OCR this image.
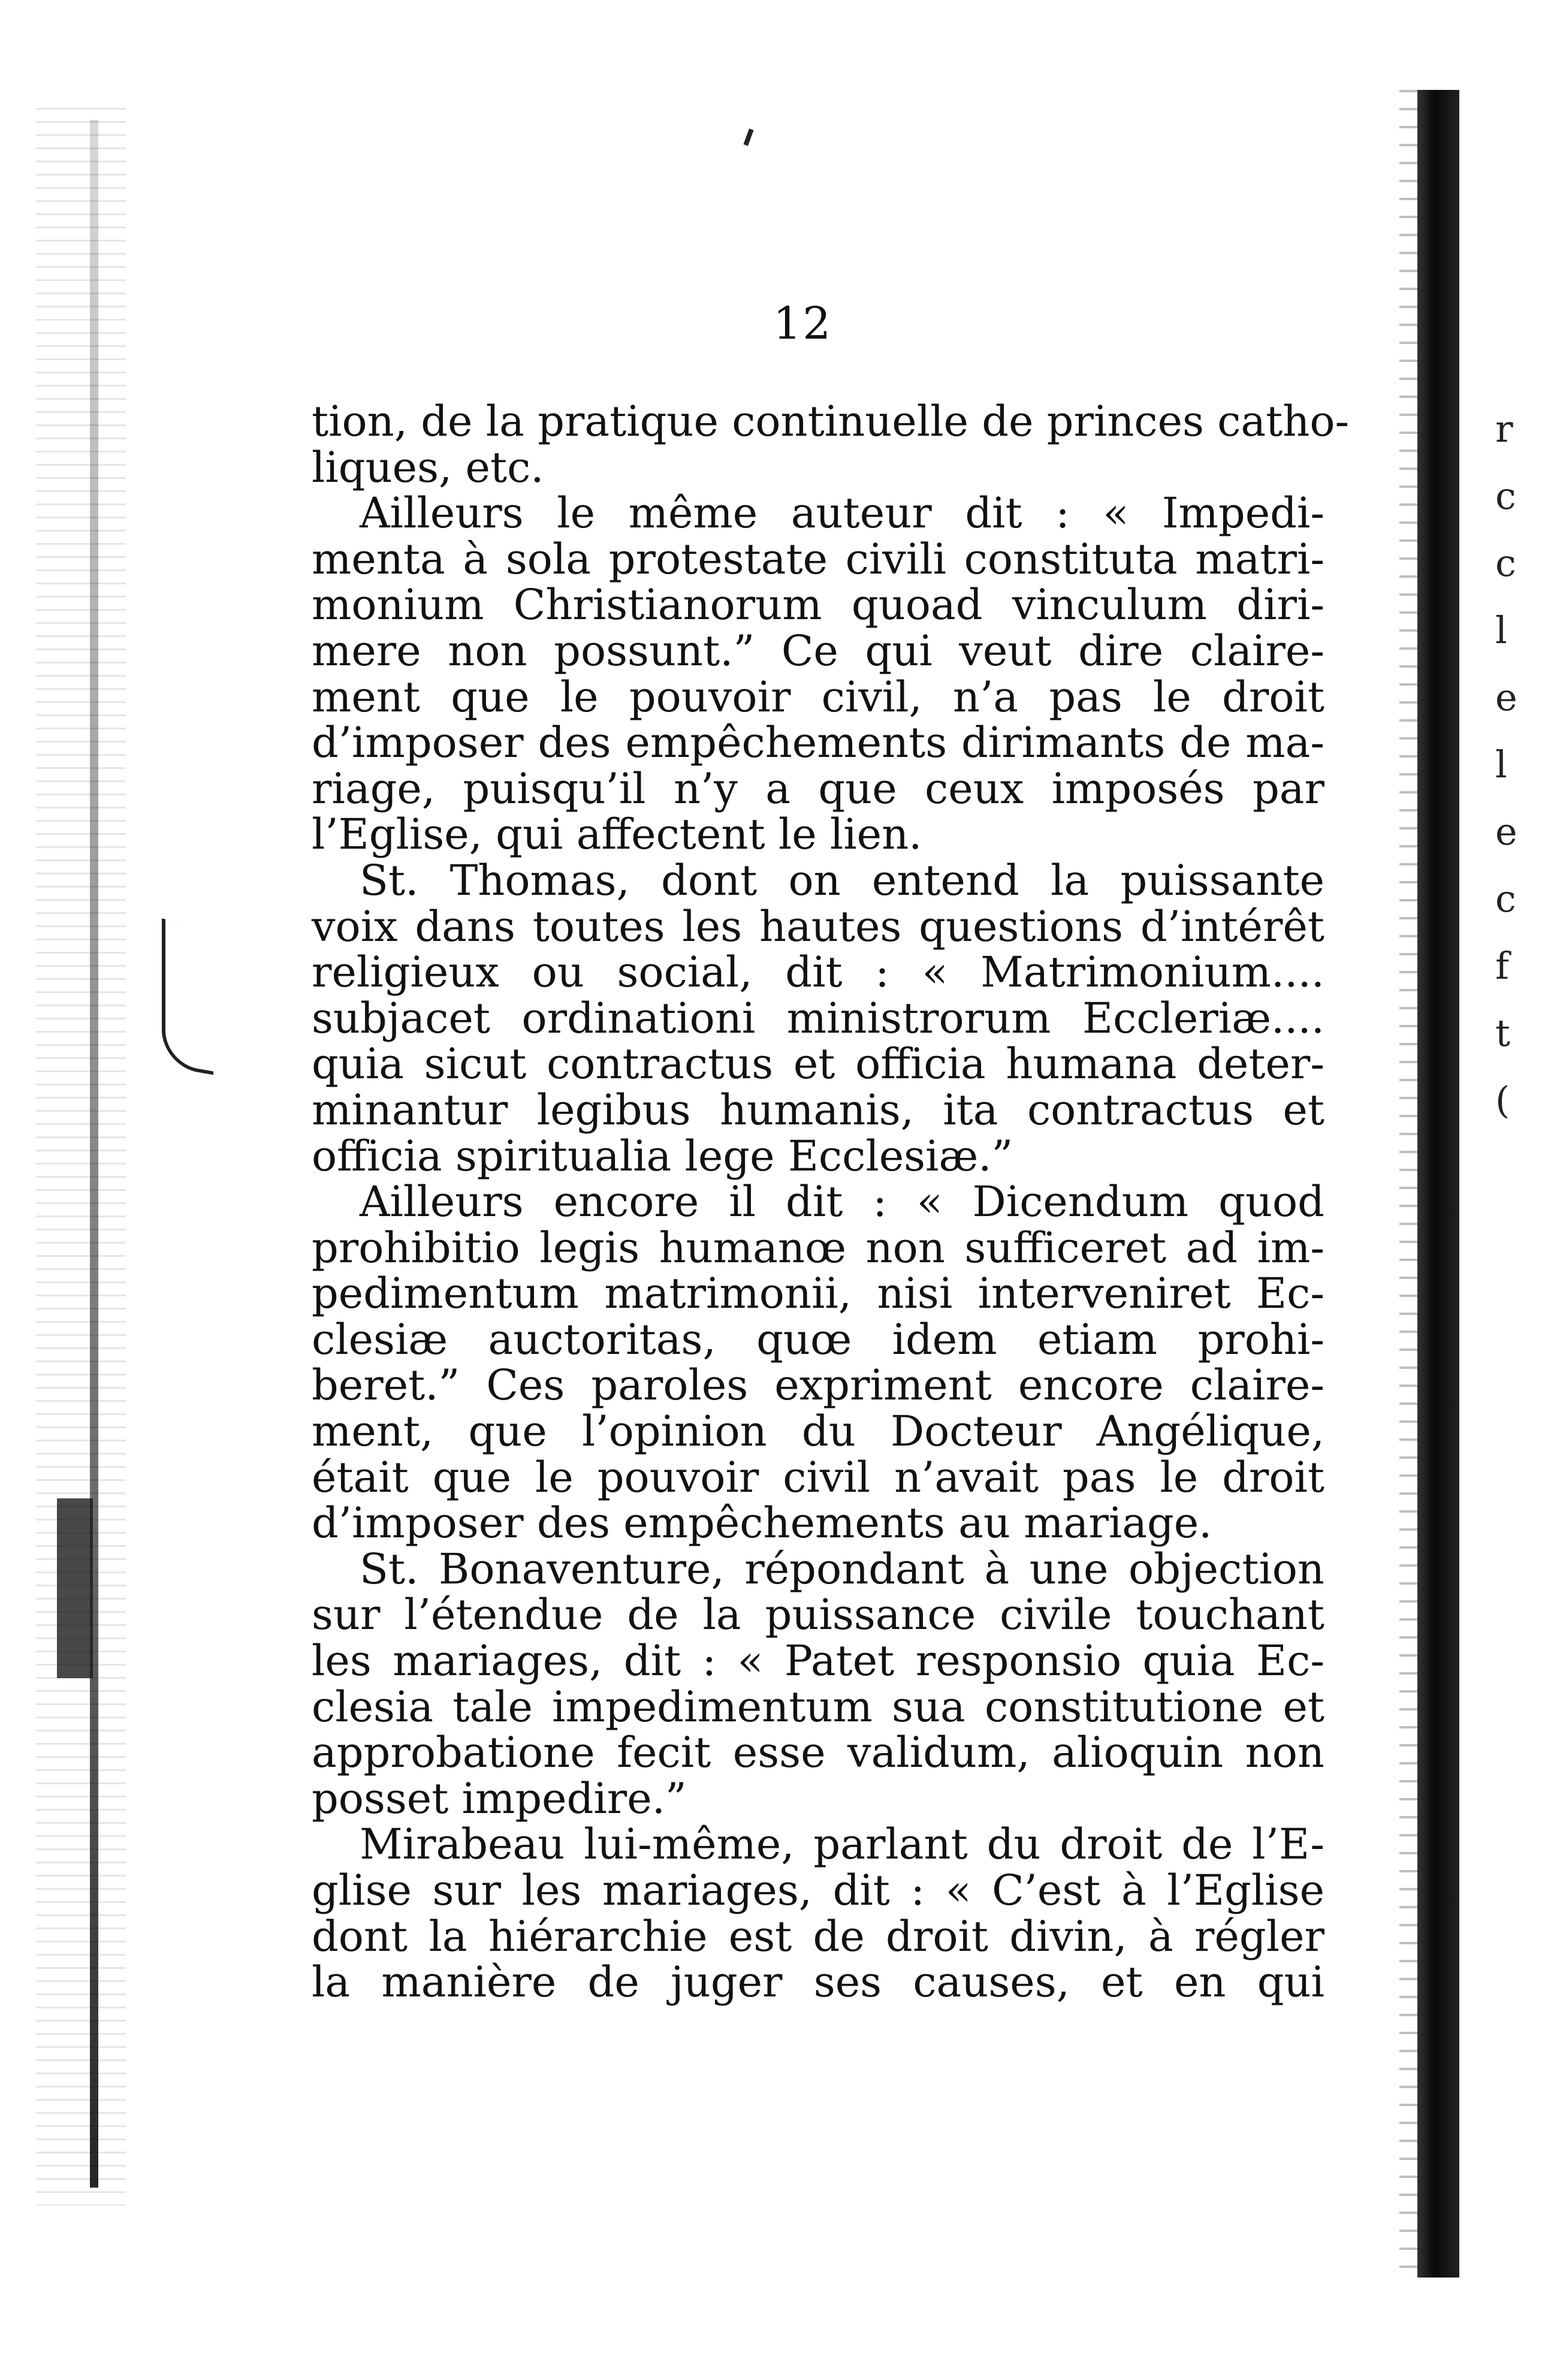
r
c
c
l
e
l
e
c
f
t
(
12
tion, de la pratique continuelle de princes catho-
liques, etc.
Ailleurs le même auteur dit : « Impedi-
menta à sola protestate civili constituta matri-
monium Christianorum quoad vinculum diri-
mere non possunt.” Ce qui veut dire claire-
ment que le pouvoir civil, n’a pas le droit
d’imposer des empêchements dirimants de ma-
riage, puisqu’il n’y a que ceux imposés par
l’Eglise, qui affectent le lien.
St. Thomas, dont on entend la puissante
voix dans toutes les hautes questions d’intérêt
religieux ou social, dit : « Matrimonium....
subjacet ordinationi ministrorum Eccleriæ....
quia sicut contractus et officia humana deter-
minantur legibus humanis, ita contractus et
officia spiritualia lege Ecclesiæ.”
Ailleurs encore il dit : « Dicendum quod
prohibitio legis humanœ non sufficeret ad im-
pedimentum matrimonii, nisi interveniret Ec-
clesiæ auctoritas, quœ idem etiam prohi-
beret.” Ces paroles expriment encore claire-
ment, que l’opinion du Docteur Angélique,
était que le pouvoir civil n’avait pas le droit
d’imposer des empêchements au mariage.
St. Bonaventure, répondant à une objection
sur l’étendue de la puissance civile touchant
les mariages, dit : « Patet responsio quia Ec-
clesia tale impedimentum sua constitutione et
approbatione fecit esse validum, alioquin non
posset impedire.”
Mirabeau lui-même, parlant du droit de l’E-
glise sur les mariages, dit : « C’est à l’Eglise
dont la hiérarchie est de droit divin, à régler
la manière de juger ses causes, et en qui
